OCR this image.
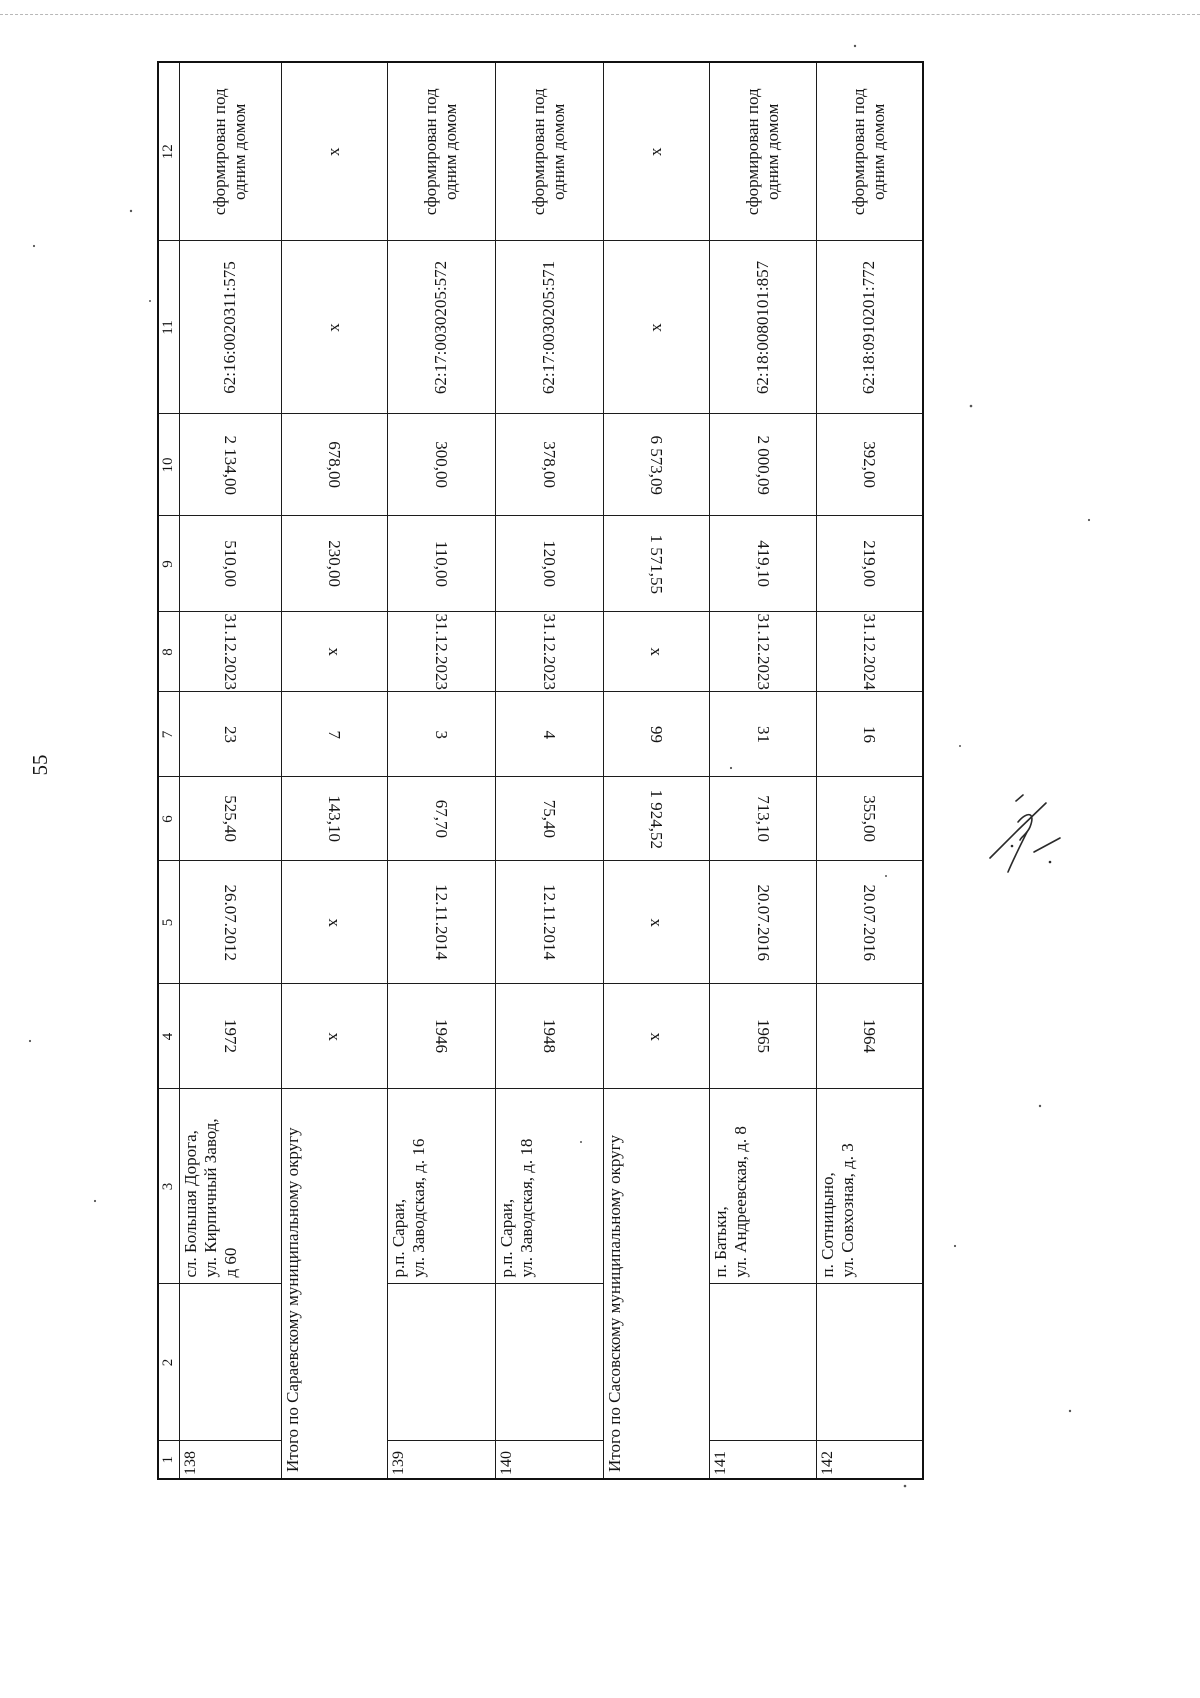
55
1	2	3	4	5	6	7	8	9	10	11	12
138		сл. Большая Дорога,
ул. Кирпичный Завод,
д 60	1972	26.07.2012	525,40	23	31.12.2023	510,00	2 134,00	62:16:0020311:575	сформирован под
одним домом
Итого по Сараевскому муниципальному округу			x	x	143,10	7	x	230,00	678,00	x	x
139		р.п. Сараи,
ул. Заводская, д. 16	1946	12.11.2014	67,70	3	31.12.2023	110,00	300,00	62:17:0030205:572	сформирован под
одним домом
140		р.п. Сараи,
ул. Заводская, д. 18	1948	12.11.2014	75,40	4	31.12.2023	120,00	378,00	62:17:0030205:571	сформирован под
одним домом
Итого по Сасовскому муниципальному округу			x	x	1 924,52	99	x	1 571,55	6 573,09	x	x
141		п. Батьки,
ул. Андреевская, д. 8	1965	20.07.2016	713,10	31	31.12.2023	419,10	2 000,09	62:18:0080101:857	сформирован под
одним домом
142		п. Сотницыно,
ул. Совхозная, д. 3	1964	20.07.2016	355,00	16	31.12.2024	219,00	392,00	62:18:0910201:772	сформирован под
одним домом
